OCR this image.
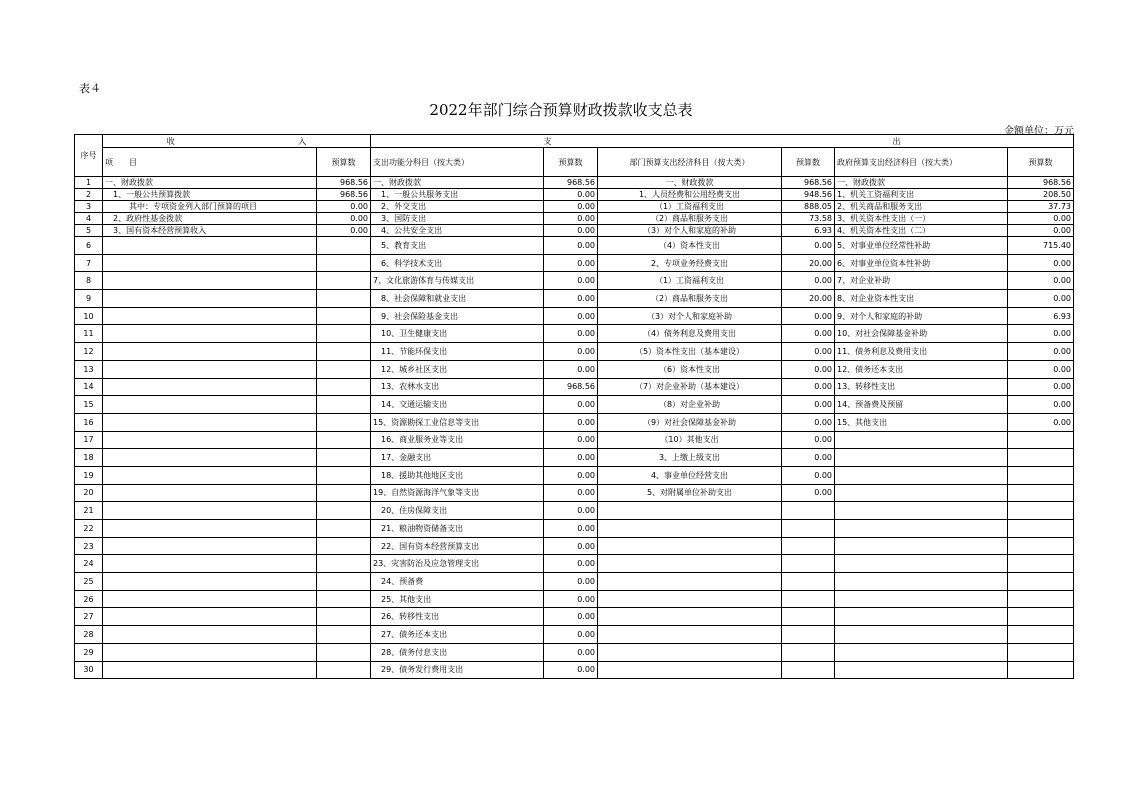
表４
2022年部门综合预算财政拨款收支总表
金额单位：万元
序号	收 入		支 出					

	项　　目	预算数	支出功能分科目（按大类）	预算数	部门预算支出经济科目（按大类）	预算数	政府预算支出经济科目（按大类）	预算数
1	一、财政拨款	968.56	一、财政拨款	968.56	一、财政拨款	968.56	一、财政拨款	968.56
2	　1、一般公共预算拨款	968.56	　1、一般公共服务支出	0.00	1、人员经费和公用经费支出	948.56	1、机关工资福利支出	208.50
3	　　　其中：专项资金列入部门预算的项目	0.00	　2、外交支出	0.00	（1）工资福利支出	888.05	2、机关商品和服务支出	37.73
4	　2、政府性基金拨款	0.00	　3、国防支出	0.00	（2）商品和服务支出	73.58	3、机关资本性支出（一）	0.00
5	　3、国有资本经营预算收入	0.00	　4、公共安全支出	0.00	（3）对个人和家庭的补助	6.93	4、机关资本性支出（二）	0.00
6			　5、教育支出	0.00	（4）资本性支出	0.00	5、对事业单位经常性补助	715.40
7			　6、科学技术支出	0.00	2、专项业务经费支出	20.00	6、对事业单位资本性补助	0.00
8			7、文化旅游体育与传媒支出	0.00	（1）工资福利支出	0.00	7、对企业补助	0.00
9			　8、社会保障和就业支出	0.00	（2）商品和服务支出	20.00	8、对企业资本性支出	0.00
10			　9、社会保险基金支出	0.00	（3）对个人和家庭补助	0.00	9、对个人和家庭的补助	6.93
11			　10、卫生健康支出	0.00	（4）债务利息及费用支出	0.00	10、对社会保障基金补助	0.00
12			　11、节能环保支出	0.00	（5）资本性支出（基本建设）	0.00	11、债务利息及费用支出	0.00
13			　12、城乡社区支出	0.00	（6）资本性支出	0.00	12、债务还本支出	0.00
14			　13、农林水支出	968.56	（7）对企业补助（基本建设）	0.00	13、转移性支出	0.00
15			　14、交通运输支出	0.00	（8）对企业补助	0.00	14、预备费及预留	0.00
16			15、资源勘探工业信息等支出	0.00	（9）对社会保障基金补助	0.00	15、其他支出	0.00
17			　16、商业服务业等支出	0.00	（10）其他支出	0.00		
18			　17、金融支出	0.00	3、上缴上级支出	0.00		
19			　18、援助其他地区支出	0.00	4、事业单位经营支出	0.00		
20			19、自然资源海洋气象等支出	0.00	5、对附属单位补助支出	0.00		
21			　20、住房保障支出	0.00				
22			　21、粮油物资储备支出	0.00				
23			　22、国有资本经营预算支出	0.00				
24			23、灾害防治及应急管理支出	0.00				
25			　24、预备费	0.00				
26			　25、其他支出	0.00				
27			　26、转移性支出	0.00				
28			　27、债务还本支出	0.00				
29			　28、债务付息支出	0.00				
30			　29、债务发行费用支出	0.00				
